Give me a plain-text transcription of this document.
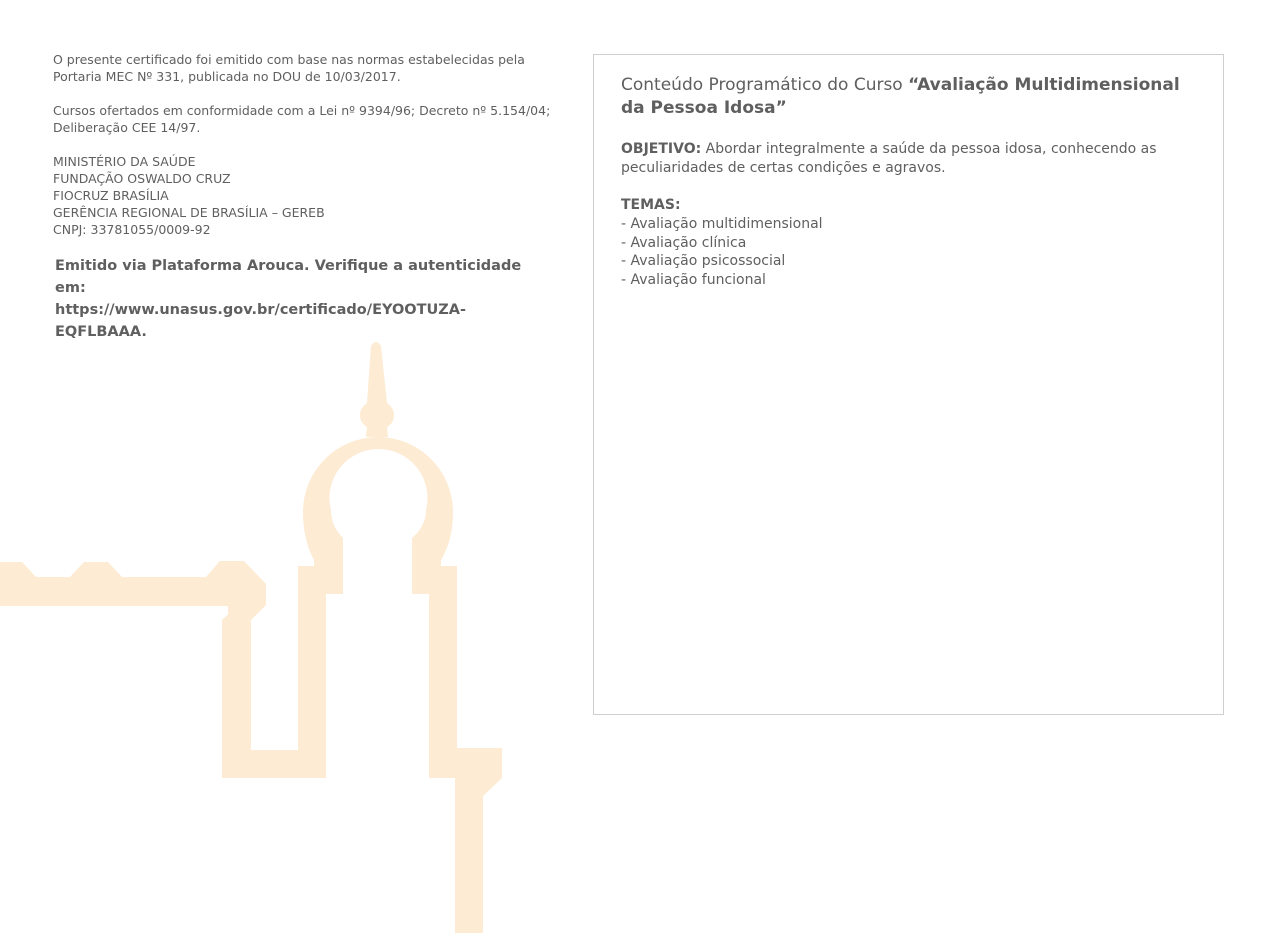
O presente certificado foi emitido com base nas normas estabelecidas pela
Portaria MEC Nº 331, publicada no DOU de 10/03/2017.

Cursos ofertados em conformidade com a Lei nº 9394/96; Decreto nº 5.154/04;
Deliberação CEE 14/97.

MINISTÉRIO DA SAÚDE
FUNDAÇÃO OSWALDO CRUZ
FIOCRUZ BRASÍLIA
GERÊNCIA REGIONAL DE BRASÍLIA – GEREB
CNPJ: 33781055/0009-92

Emitido via Plataforma Arouca. Verifique a autenticidade em:
https://www.unasus.gov.br/certificado/EYOOTUZA-EQFLBAAA.
Conteúdo Programático do Curso “Avaliação Multidimensional da Pessoa Idosa”
OBJETIVO: Abordar integralmente a saúde da pessoa idosa, conhecendo as peculiaridades de certas condições e agravos.
TEMAS:
- Avaliação multidimensional
- Avaliação clínica
- Avaliação psicossocial
- Avaliação funcional
